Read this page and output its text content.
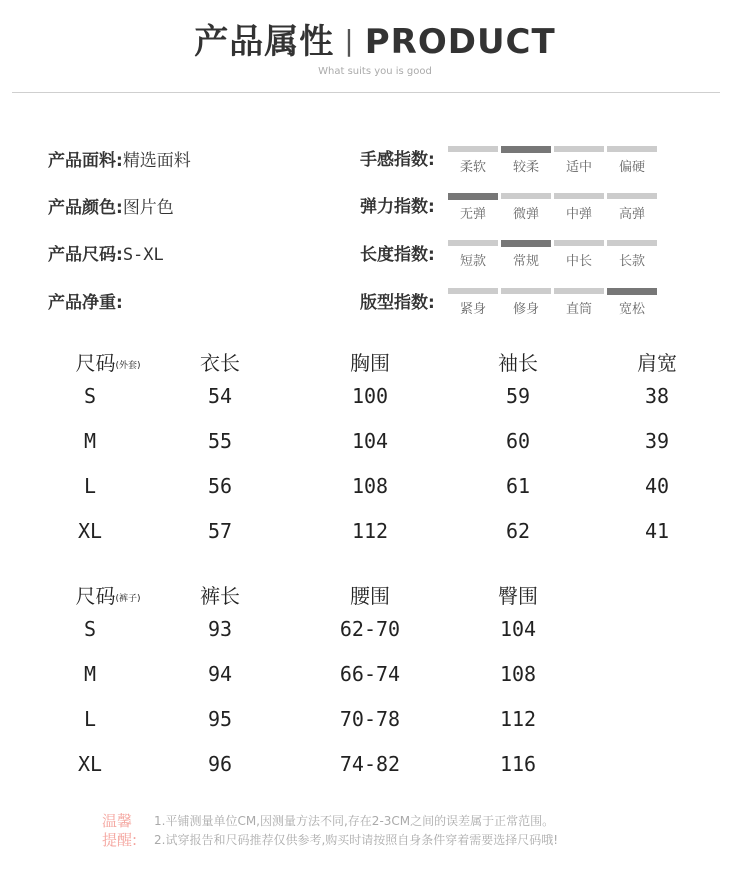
产品属性 | PRODUCT
What suits you is good
产品面料:精选面料
产品颜色:图片色
产品尺码:S-XL
产品净重:
手感指数:
弹力指数:
长度指数:
版型指数:
柔软	较柔	适中	偏硬
无弹	微弹	中弹	高弹
短款	常规	中长	长款
紧身	修身	直筒	宽松
尺码(外套)	衣长	胸围	袖长	肩宽
S	54	100	59	38
M	55	104	60	39
L	56	108	61	40
XL	57	112	62	41
尺码(裤子)	裤长	腰围	臀围
S	93	62-70	104
M	94	66-74	108
L	95	70-78	112
XL	96	74-82	116
温馨
提醒:
1.平铺测量单位CM,因测量方法不同,存在2-3CM之间的误差属于正常范围。
2.试穿报告和尺码推荐仅供参考,购买时请按照自身条件穿着需要选择尺码哦!
